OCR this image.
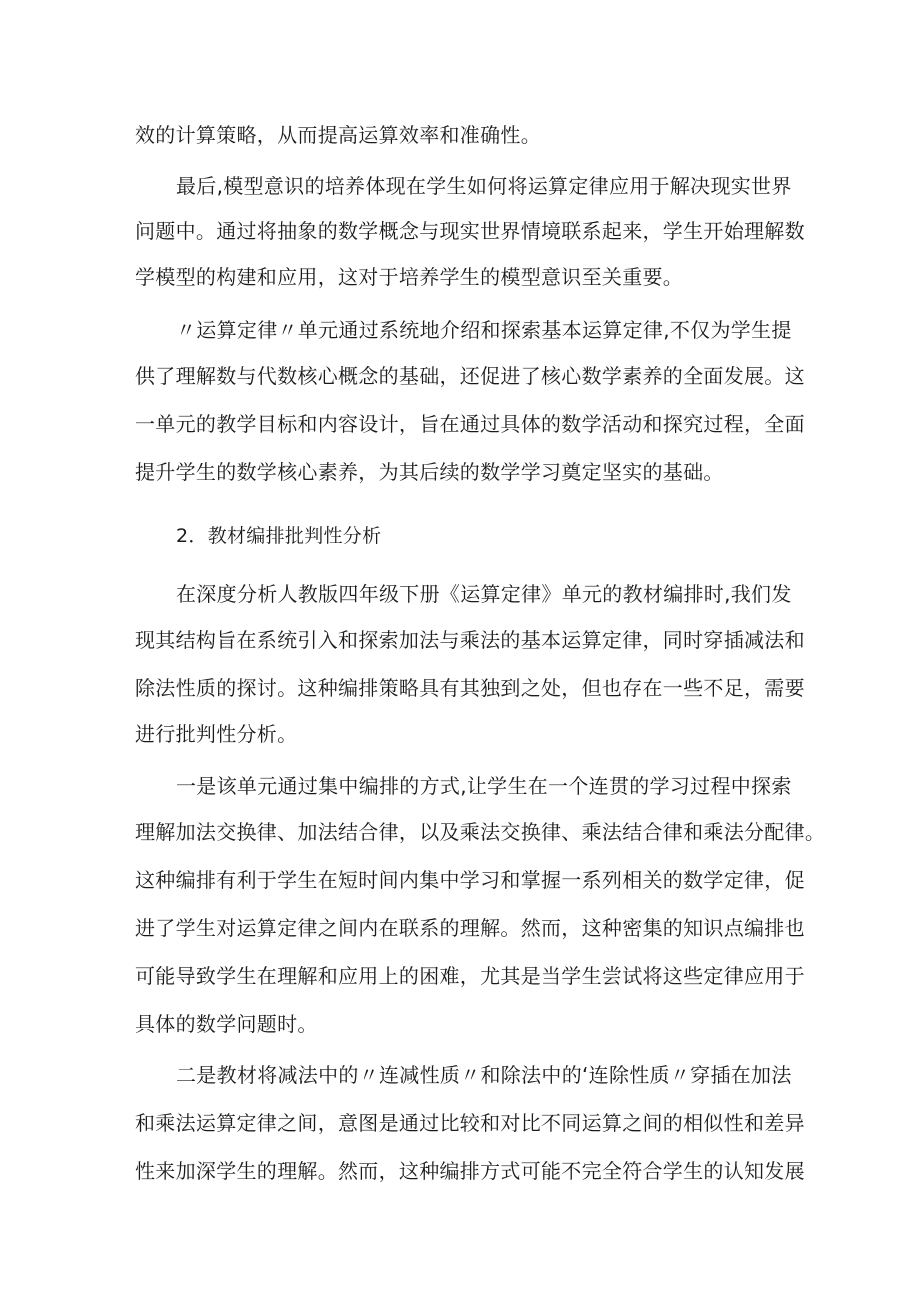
效的计算策略，从而提高运算效率和准确性。
最后,模型意识的培养体现在学生如何将运算定律应用于解决现实世界
问题中。通过将抽象的数学概念与现实世界情境联系起来，学生开始理解数
学模型的构建和应用，这对于培养学生的模型意识至关重要。
〃运算定律〃单元通过系统地介绍和探索基本运算定律,不仅为学生提
供了理解数与代数核心概念的基础，还促进了核心数学素养的全面发展。这
一单元的教学目标和内容设计，旨在通过具体的数学活动和探究过程，全面
提升学生的数学核心素养，为其后续的数学学习奠定坚实的基础。
2．教材编排批判性分析
在深度分析人教版四年级下册《运算定律》单元的教材编排时,我们发
现其结构旨在系统引入和探索加法与乘法的基本运算定律，同时穿插减法和
除法性质的探讨。这种编排策略具有其独到之处，但也存在一些不足，需要
进行批判性分析。
一是该单元通过集中编排的方式,让学生在一个连贯的学习过程中探索
理解加法交换律、加法结合律，以及乘法交换律、乘法结合律和乘法分配律。
这种编排有利于学生在短时间内集中学习和掌握一系列相关的数学定律，促
进了学生对运算定律之间内在联系的理解。然而，这种密集的知识点编排也
可能导致学生在理解和应用上的困难，尤其是当学生尝试将这些定律应用于
具体的数学问题时。
二是教材将减法中的〃连减性质〃和除法中的‘连除性质〃穿插在加法
和乘法运算定律之间，意图是通过比较和对比不同运算之间的相似性和差异
性来加深学生的理解。然而，这种编排方式可能不完全符合学生的认知发展
